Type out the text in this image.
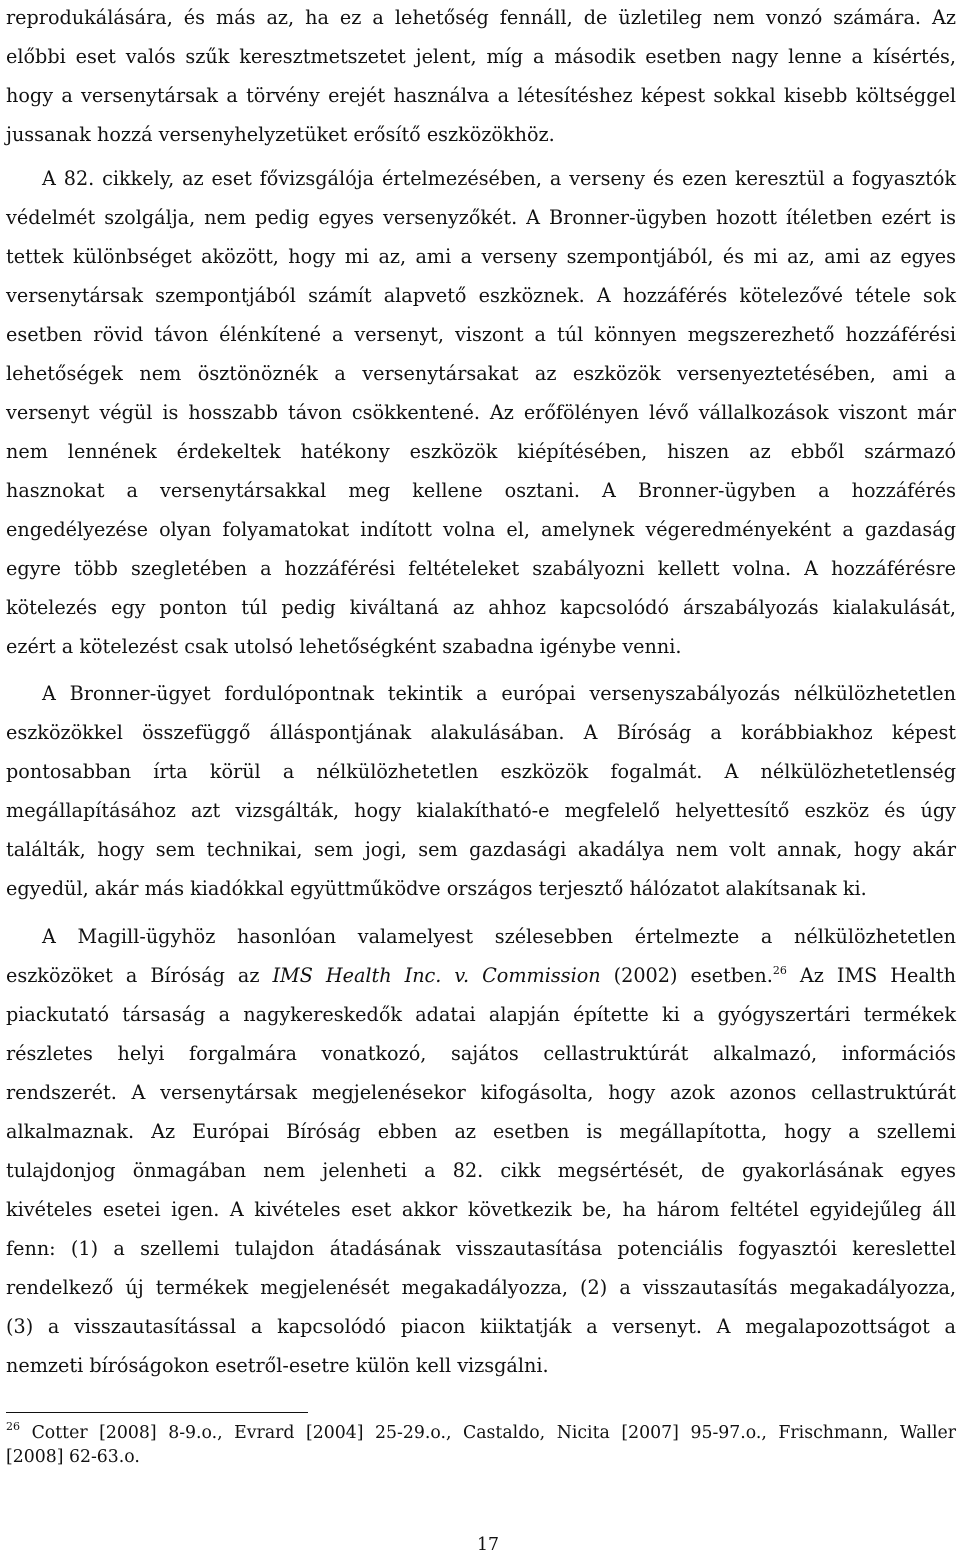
reprodukálására, és más az, ha ez a lehetőség fennáll, de üzletileg nem vonzó számára. Az
előbbi eset valós szűk keresztmetszetet jelent, míg a második esetben nagy lenne a kísértés,
hogy a versenytársak a törvény erejét használva a létesítéshez képest sokkal kisebb költséggel
jussanak hozzá versenyhelyzetüket erősítő eszközökhöz.
A 82. cikkely, az eset fővizsgálója értelmezésében, a verseny és ezen keresztül a fogyasztók
védelmét szolgálja, nem pedig egyes versenyzőkét. A Bronner-ügyben hozott ítéletben ezért is
tettek különbséget aközött, hogy mi az, ami a verseny szempontjából, és mi az, ami az egyes
versenytársak szempontjából számít alapvető eszköznek. A hozzáférés kötelezővé tétele sok
esetben rövid távon élénkítené a versenyt, viszont a túl könnyen megszerezhető hozzáférési
lehetőségek nem ösztönöznék a versenytársakat az eszközök versenyeztetésében, ami a
versenyt végül is hosszabb távon csökkentené. Az erőfölényen lévő vállalkozások viszont már
nem lennének érdekeltek hatékony eszközök kiépítésében, hiszen az ebből származó
hasznokat a versenytársakkal meg kellene osztani. A Bronner-ügyben a hozzáférés
engedélyezése olyan folyamatokat indított volna el, amelynek végeredményeként a gazdaság
egyre több szegletében a hozzáférési feltételeket szabályozni kellett volna. A hozzáférésre
kötelezés egy ponton túl pedig kiváltaná az ahhoz kapcsolódó árszabályozás kialakulását,
ezért a kötelezést csak utolsó lehetőségként szabadna igénybe venni.
A Bronner-ügyet fordulópontnak tekintik a európai versenyszabályozás nélkülözhetetlen
eszközökkel összefüggő álláspontjának alakulásában. A Bíróság a korábbiakhoz képest
pontosabban írta körül a nélkülözhetetlen eszközök fogalmát. A nélkülözhetetlenség
megállapításához azt vizsgálták, hogy kialakítható-e megfelelő helyettesítő eszköz és úgy
találták, hogy sem technikai, sem jogi, sem gazdasági akadálya nem volt annak, hogy akár
egyedül, akár más kiadókkal együttműködve országos terjesztő hálózatot alakítsanak ki.
A Magill-ügyhöz hasonlóan valamelyest szélesebben értelmezte a nélkülözhetetlen
eszközöket a Bíróság az IMS Health Inc. v. Commission (2002) esetben.$^{26}$ Az IMS Health
piackutató társaság a nagykereskedők adatai alapján építette ki a gyógyszertári termékek
részletes helyi forgalmára vonatkozó, sajátos cellastruktúrát alkalmazó, információs
rendszerét. A versenytársak megjelenésekor kifogásolta, hogy azok azonos cellastruktúrát
alkalmaznak. Az Európai Bíróság ebben az esetben is megállapította, hogy a szellemi
tulajdonjog önmagában nem jelenheti a 82. cikk megsértését, de gyakorlásának egyes
kivételes esetei igen. A kivételes eset akkor következik be, ha három feltétel egyidejűleg áll
fenn: (1) a szellemi tulajdon átadásának visszautasítása potenciális fogyasztói kereslettel
rendelkező új termékek megjelenését megakadályozza, (2) a visszautasítás megakadályozza,
(3) a visszautasítással a kapcsolódó piacon kiiktatják a versenyt. A megalapozottságot a
nemzeti bíróságokon esetről-esetre külön kell vizsgálni.
$^{26}$ Cotter [2008] 8-9.o., Evrard [2004] 25-29.o., Castaldo, Nicita [2007] 95-97.o., Frischmann, Waller
[2008] 62-63.o.
17
